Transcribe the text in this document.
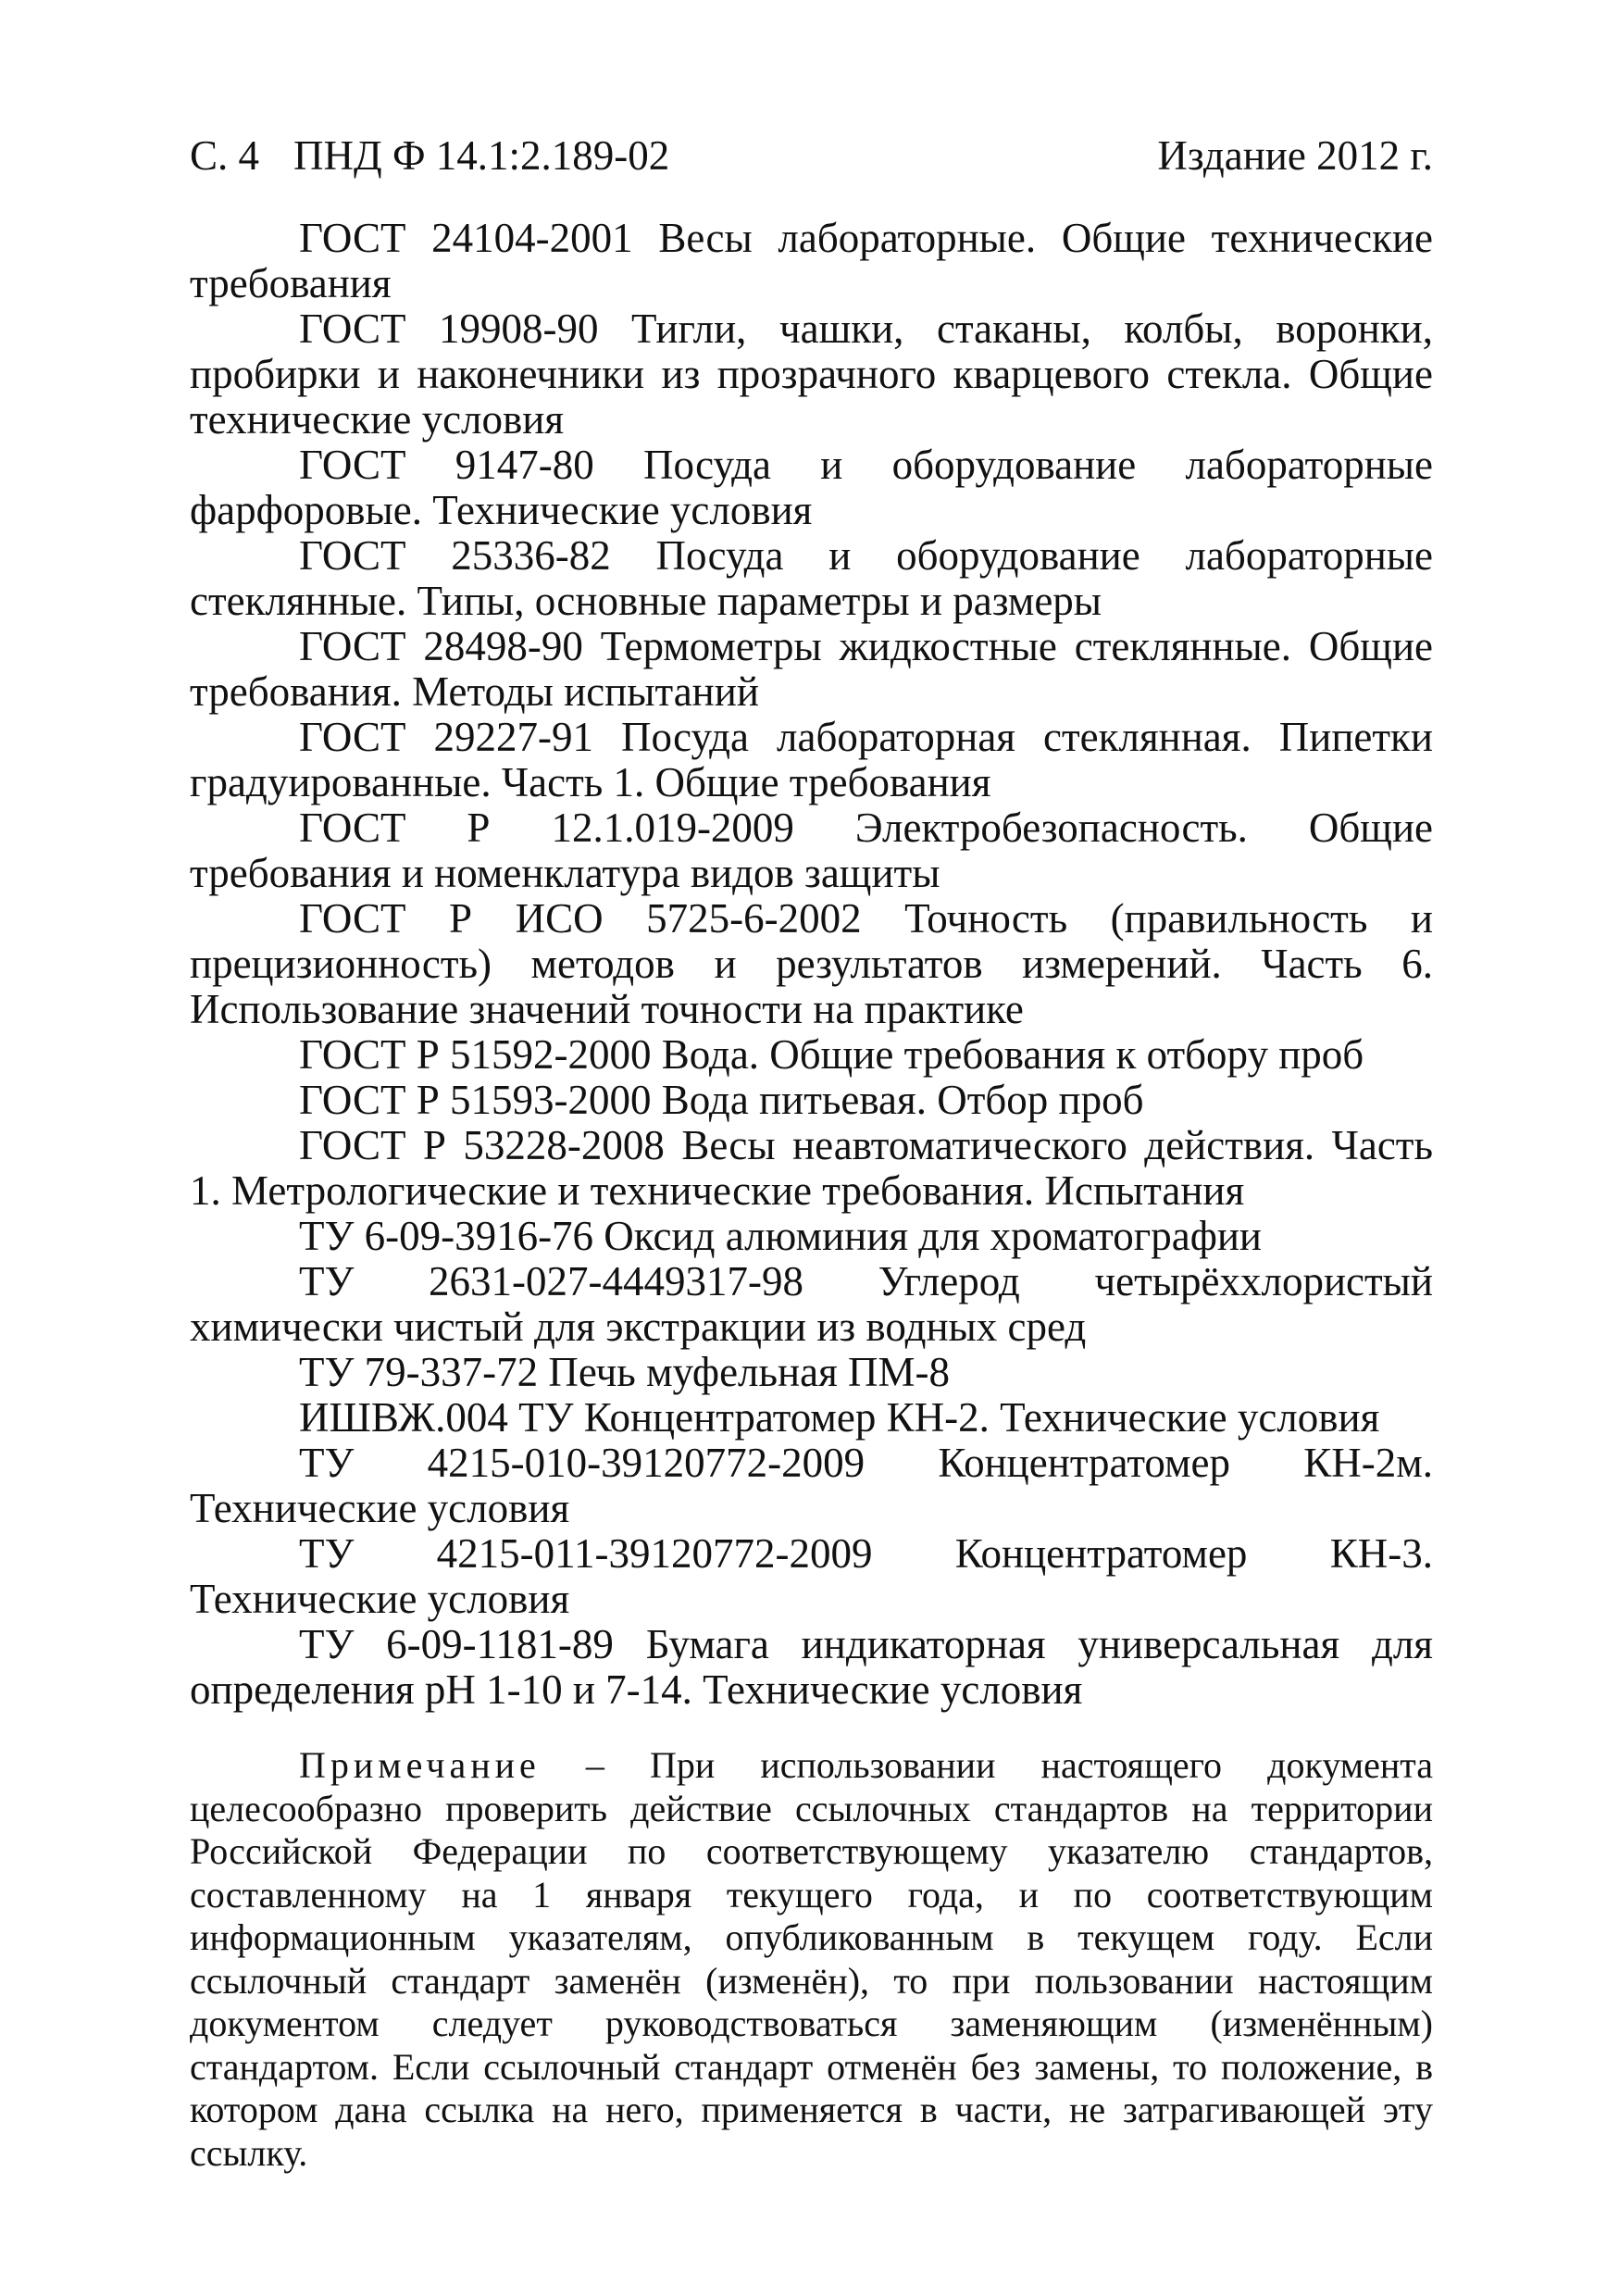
С. 4 ПНД Ф 14.1:2.189-02	Издание 2012 г.

ГОСТ 24104-2001 Весы лабораторные. Общие технические требования

ГОСТ 19908-90 Тигли, чашки, стаканы, колбы, воронки, пробирки и наконечники из прозрачного кварцевого стекла. Общие технические условия

ГОСТ 9147-80 Посуда и оборудование лабораторные фарфоровые. Технические условия

ГОСТ 25336-82 Посуда и оборудование лабораторные стеклянные. Типы, основные параметры и размеры

ГОСТ 28498-90 Термометры жидкостные стеклянные. Общие требования. Методы испытаний

ГОСТ 29227-91 Посуда лабораторная стеклянная. Пипетки градуированные. Часть 1. Общие требования

ГОСТ Р 12.1.019-2009 Электробезопасность. Общие требования и номенклатура видов защиты

ГОСТ Р ИСО 5725-6-2002 Точность (правильность и прецизионность) методов и результатов измерений. Часть 6. Использование значений точности на практике

ГОСТ Р 51592-2000 Вода. Общие требования к отбору проб

ГОСТ Р 51593-2000 Вода питьевая. Отбор проб

ГОСТ Р 53228-2008 Весы неавтоматического действия. Часть 1. Метрологические и технические требования. Испытания

ТУ 6-09-3916-76 Оксид алюминия для хроматографии

ТУ 2631-027-4449317-98 Углерод четырёххлористый химически чистый для экстракции из водных сред

ТУ 79-337-72 Печь муфельная ПМ-8

ИШВЖ.004 ТУ Концентратомер КН-2. Технические условия

ТУ 4215-010-39120772-2009 Концентратомер КН-2м. Технические условия

ТУ 4215-011-39120772-2009 Концентратомер КН-3. Технические условия

ТУ 6-09-1181-89 Бумага индикаторная универсальная для определения pH 1-10 и 7-14. Технические условия

Примечание – При использовании настоящего документа целесообразно проверить действие ссылочных стандартов на территории Российской Федерации по соответствующему указателю стандартов, составленному на 1 января текущего года, и по соответствующим информационным указателям, опубликованным в текущем году. Если ссылочный стандарт заменён (изменён), то при пользовании настоящим документом следует руководствоваться заменяющим (изменённым) стандартом. Если ссылочный стандарт отменён без замены, то положение, в котором дана ссылка на него, применяется в части, не затрагивающей эту ссылку.
